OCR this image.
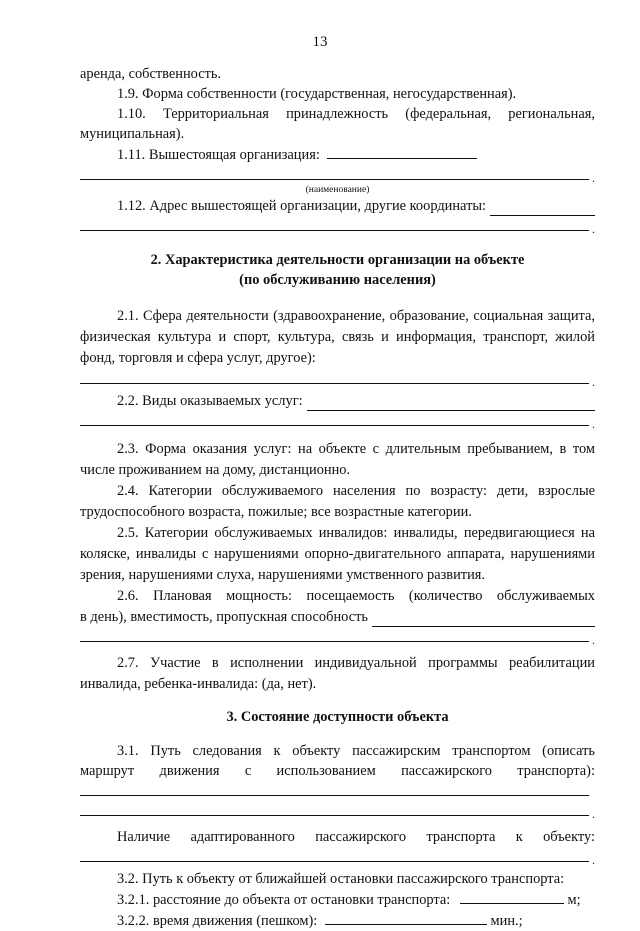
13

аренда, собственность.

1.9. Форма собственности (государственная, негосударственная).

1.10. Территориальная принадлежность (федеральная, региональная,

муниципальная).

1.11. Вышестоящая организация:

.
(наименование)
1.12. Адрес вышестоящей организации, другие координаты:
.

2. Характеристика деятельности организации на объекте

(по обслуживанию населения)

2.1. Сфера деятельности (здравоохранение, образование, социальная защита, физическая культура и спорт, культура, связь и информация, транспорт, жилой фонд, торговля и сфера услуг, другое):

.
2.2. Виды оказываемых услуг:
.

2.3. Форма оказания услуг: на объекте с длительным пребыванием, в том числе проживанием на дому, дистанционно.

2.4. Категории обслуживаемого населения по возрасту: дети, взрослые трудоспособного возраста, пожилые; все возрастные категории.

2.5. Категории обслуживаемых инвалидов: инвалиды, передвигающиеся на коляске, инвалиды с нарушениями опорно-двигательного аппарата, нарушениями зрения, нарушениями слуха, нарушениями умственного развития.

2.6. Плановая мощность: посещаемость (количество обслуживаемых

в день), вместимость, пропускная способность
.

2.7. Участие в исполнении индивидуальной программы реабилитации инвалида, ребенка-инвалида: (да, нет).

3. Состояние доступности объекта

3.1. Путь следования к объекту пассажирским транспортом (описать

маршрут движения с использованием пассажирского транспорта):

.

Наличие адаптированного пассажирского транспорта к объекту:

.

3.2. Путь к объекту от ближайшей остановки пассажирского транспорта:

3.2.1. расстояние до объекта от остановки транспорта:	м;

3.2.2. время движения (пешком):	мин.;
